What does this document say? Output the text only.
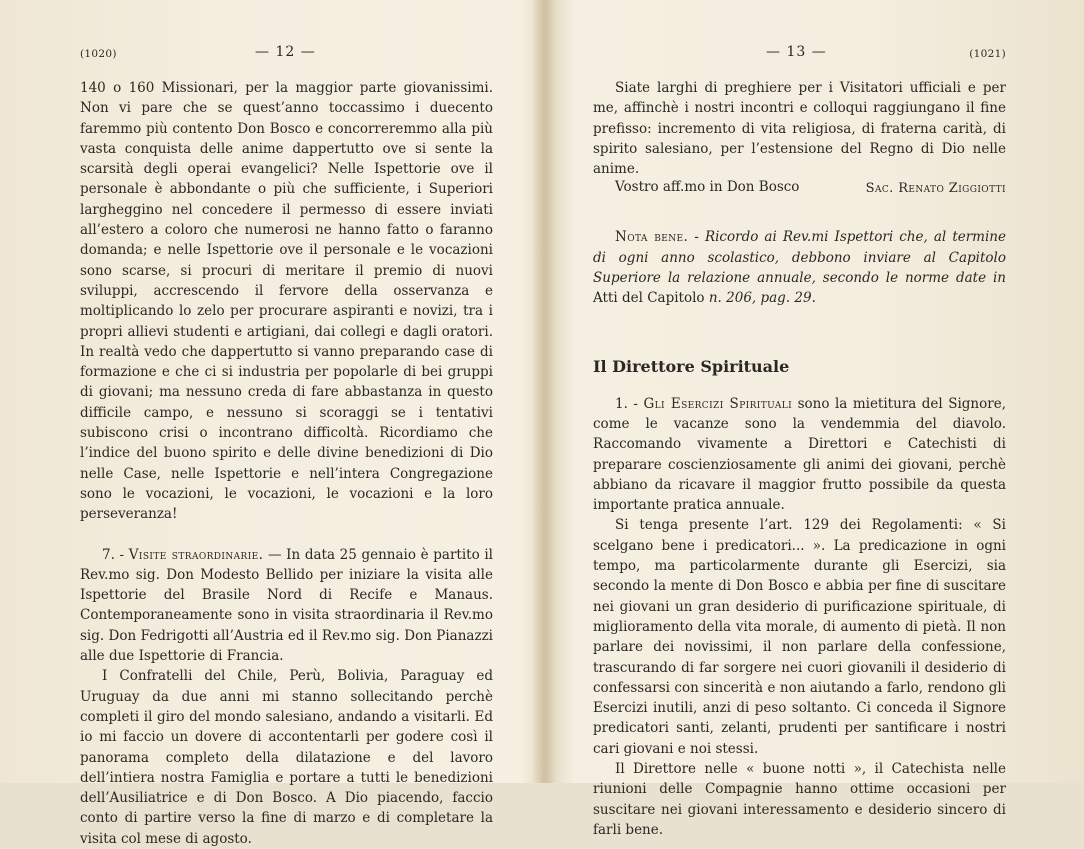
(1020)	— 12 —

140 o 160 Missionari, per la maggior parte giovanissimi. Non vi pare che se quest’anno toccassimo i duecento faremmo più contento Don Bosco e concorreremmo alla più vasta conquista delle anime dappertutto ove si sente la scarsità degli operai evangelici? Nelle Ispettorie ove il personale è abbondante o più che sufficiente, i Superiori largheggino nel concedere il permesso di essere inviati all’estero a coloro che numerosi ne hanno fatto o faranno domanda; e nelle Ispettorie ove il personale e le vocazioni sono scarse, si procuri di meritare il premio di nuovi sviluppi, accrescendo il fervore della osservanza e moltiplicando lo zelo per procurare aspiranti e novizi, tra i propri allievi studenti e artigiani, dai collegi e dagli oratori. In realtà vedo che dappertutto si vanno preparando case di formazione e che ci si industria per popolarle di bei gruppi di giovani; ma nessuno creda di fare abbastanza in questo difficile campo, e nessuno si scoraggi se i tentativi subiscono crisi o incontrano difficoltà. Ricordiamo che l’indice del buono spirito e delle divine benedizioni di Dio nelle Case, nelle Ispettorie e nell’intera Congregazione sono le vocazioni, le vocazioni, le vocazioni e la loro perseveranza!

7. - Visite straordinarie. — In data 25 gennaio è partito il Rev.mo sig. Don Modesto Bellido per iniziare la visita alle Ispettorie del Brasile Nord di Recife e Manaus. Contemporaneamente sono in visita straordinaria il Rev.mo sig. Don Fedrigotti all’Austria ed il Rev.mo sig. Don Pianazzi alle due Ispettorie di Francia.

I Confratelli del Chile, Perù, Bolivia, Paraguay ed Uruguay da due anni mi stanno sollecitando perchè completi il giro del mondo salesiano, andando a visitarli. Ed io mi faccio un dovere di accontentarli per godere così il panorama completo della dilatazione e del lavoro dell’intiera nostra Famiglia e portare a tutti le benedizioni dell’Ausiliatrice e di Don Bosco. A Dio piacendo, faccio conto di partire verso la fine di marzo e di completare la visita col mese di agosto.

— 13 —	(1021)

Siate larghi di preghiere per i Visitatori ufficiali e per me, affinchè i nostri incontri e colloqui raggiungano il fine prefisso: incremento di vita religiosa, di fraterna carità, di spirito salesiano, per l’estensione del Regno di Dio nelle anime.

Vostro aff.mo in Don Bosco	Sac. Renato Ziggiotti

Nota bene. - Ricordo ai Rev.mi Ispettori che, al termine di ogni anno scolastico, debbono inviare al Capitolo Superiore la relazione annuale, secondo le norme date in Atti del Capitolo n. 206, pag. 29.

Il Direttore Spirituale

1. - Gli Esercizi Spirituali sono la mietitura del Signore, come le vacanze sono la vendemmia del diavolo. Raccomando vivamente a Direttori e Catechisti di preparare coscienziosamente gli animi dei giovani, perchè abbiano da ricavare il maggior frutto possibile da questa importante pratica annuale.

Si tenga presente l’art. 129 dei Regolamenti: « Si scelgano bene i predicatori... ». La predicazione in ogni tempo, ma particolarmente durante gli Esercizi, sia secondo la mente di Don Bosco e abbia per fine di suscitare nei giovani un gran desiderio di purificazione spirituale, di miglioramento della vita morale, di aumento di pietà. Il non parlare dei novissimi, il non parlare della confessione, trascurando di far sorgere nei cuori giovanili il desiderio di confessarsi con sincerità e non aiutando a farlo, rendono gli Esercizi inutili, anzi di peso soltanto. Ci conceda il Signore predicatori santi, zelanti, prudenti per santificare i nostri cari giovani e noi stessi.

Il Direttore nelle « buone notti », il Catechista nelle riunioni delle Compagnie hanno ottime occasioni per suscitare nei giovani interessamento e desiderio sincero di farli bene.
